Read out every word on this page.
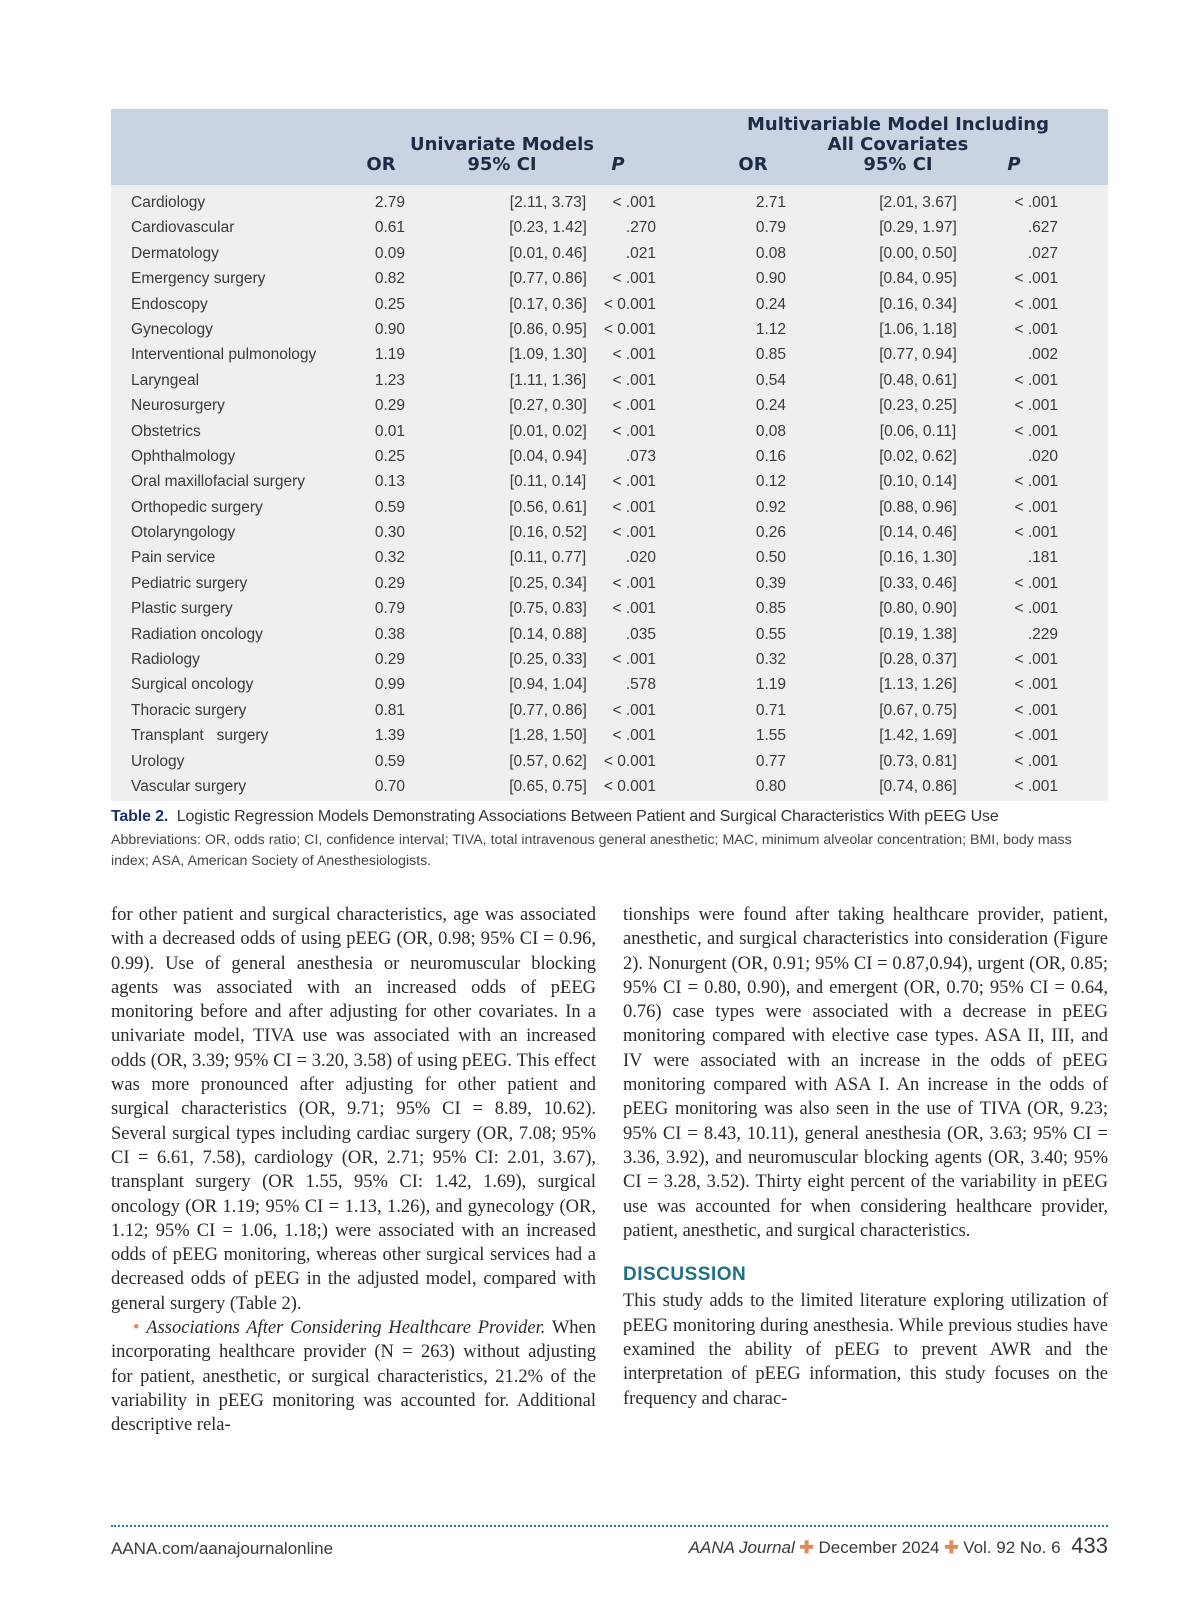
Univariate Models
Multivariable Model Including
All Covariates
OR	95% CI	P	OR	95% CI	P
Cardiology	2.79	[2.11, 3.73]	< .001	2.71	[2.01, 3.67]	< .001
Cardiovascular	0.61	[0.23, 1.42]	.270	0.79	[0.29, 1.97]	.627
Dermatology	0.09	[0.01, 0.46]	.021	0.08	[0.00, 0.50]	.027
Emergency surgery	0.82	[0.77, 0.86]	< .001	0.90	[0.84, 0.95]	< .001
Endoscopy	0.25	[0.17, 0.36]	< 0.001	0.24	[0.16, 0.34]	< .001
Gynecology	0.90	[0.86, 0.95]	< 0.001	1.12	[1.06, 1.18]	< .001
Interventional pulmonology	1.19	[1.09, 1.30]	< .001	0.85	[0.77, 0.94]	.002
Laryngeal	1.23	[1.11, 1.36]	< .001	0.54	[0.48, 0.61]	< .001
Neurosurgery	0.29	[0.27, 0.30]	< .001	0.24	[0.23, 0.25]	< .001
Obstetrics	0.01	[0.01, 0.02]	< .001	0.08	[0.06, 0.11]	< .001
Ophthalmology	0.25	[0.04, 0.94]	.073	0.16	[0.02, 0.62]	.020
Oral maxillofacial surgery	0.13	[0.11, 0.14]	< .001	0.12	[0.10, 0.14]	< .001
Orthopedic surgery	0.59	[0.56, 0.61]	< .001	0.92	[0.88, 0.96]	< .001
Otolaryngology	0.30	[0.16, 0.52]	< .001	0.26	[0.14, 0.46]	< .001
Pain service	0.32	[0.11, 0.77]	.020	0.50	[0.16, 1.30]	.181
Pediatric surgery	0.29	[0.25, 0.34]	< .001	0.39	[0.33, 0.46]	< .001
Plastic surgery	0.79	[0.75, 0.83]	< .001	0.85	[0.80, 0.90]	< .001
Radiation oncology	0.38	[0.14, 0.88]	.035	0.55	[0.19, 1.38]	.229
Radiology	0.29	[0.25, 0.33]	< .001	0.32	[0.28, 0.37]	< .001
Surgical oncology	0.99	[0.94, 1.04]	.578	1.19	[1.13, 1.26]	< .001
Thoracic surgery	0.81	[0.77, 0.86]	< .001	0.71	[0.67, 0.75]	< .001
Transplant   surgery	1.39	[1.28, 1.50]	< .001	1.55	[1.42, 1.69]	< .001
Urology	0.59	[0.57, 0.62]	< 0.001	0.77	[0.73, 0.81]	< .001
Vascular surgery	0.70	[0.65, 0.75]	< 0.001	0.80	[0.74, 0.86]	< .001
Table 2. Logistic Regression Models Demonstrating Associations Between Patient and Surgical Characteristics With pEEG Use
Abbreviations: OR, odds ratio; CI, confidence interval; TIVA, total intravenous general anesthetic; MAC, minimum alveolar concentration; BMI, body mass index; ASA, American Society of Anesthesiologists.

for other patient and surgical characteristics, age was associated with a decreased odds of using pEEG (OR, 0.98; 95% CI = 0.96, 0.99). Use of general anesthesia or neuromuscular blocking agents was associated with an increased odds of pEEG monitoring before and after adjusting for other covariates. In a univariate model, TIVA use was associated with an increased odds (OR, 3.39; 95% CI = 3.20, 3.58) of using pEEG. This effect was more pronounced after adjusting for other patient and surgical characteristics (OR, 9.71; 95% CI = 8.89, 10.62). Several surgical types including cardiac surgery (OR, 7.08; 95% CI = 6.61, 7.58), cardiology (OR, 2.71; 95% CI: 2.01, 3.67), transplant surgery (OR 1.55, 95% CI: 1.42, 1.69), surgical oncology (OR 1.19; 95% CI = 1.13, 1.26), and gynecology (OR, 1.12; 95% CI = 1.06, 1.18;) were associated with an increased odds of pEEG monitoring, whereas other surgical services had a decreased odds of pEEG in the adjusted model, compared with general surgery (Table 2).

• Associations After Considering Healthcare Provider. When incorporating healthcare provider (N = 263) without adjusting for patient, anesthetic, or surgical characteristics, 21.2% of the variability in pEEG monitoring was accounted for. Additional descriptive rela-

tionships were found after taking healthcare provider, patient, anesthetic, and surgical characteristics into consideration (Figure 2). Nonurgent (OR, 0.91; 95% CI = 0.87,0.94), urgent (OR, 0.85; 95% CI = 0.80, 0.90), and emergent (OR, 0.70; 95% CI = 0.64, 0.76) case types were associated with a decrease in pEEG monitoring compared with elective case types. ASA II, III, and IV were associated with an increase in the odds of pEEG monitoring compared with ASA I. An increase in the odds of pEEG monitoring was also seen in the use of TIVA (OR, 9.23; 95% CI = 8.43, 10.11), general anesthesia (OR, 3.63; 95% CI = 3.36, 3.92), and neuromuscular blocking agents (OR, 3.40; 95% CI = 3.28, 3.52). Thirty eight percent of the variability in pEEG use was accounted for when considering healthcare provider, patient, anesthetic, and surgical characteristics.

DISCUSSION

This study adds to the limited literature exploring utilization of pEEG monitoring during anesthesia. While previous studies have examined the ability of pEEG to prevent AWR and the interpretation of pEEG information, this study focuses on the frequency and charac-

AANA.com/aanajournalonline	AANA Journal ✚ December 2024 ✚ Vol. 92 No. 6 433
